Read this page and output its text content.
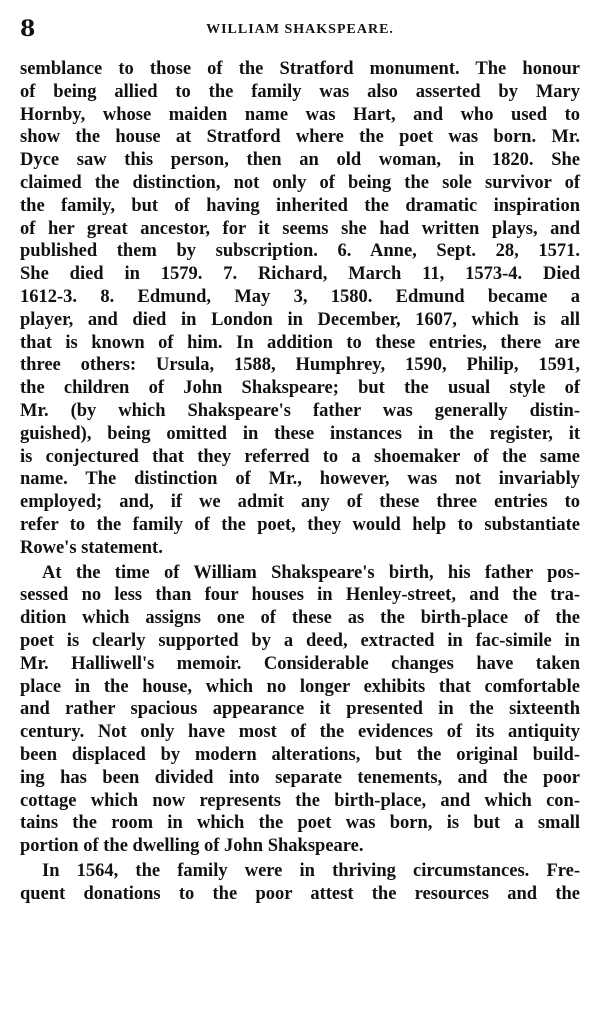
8	WILLIAM SHAKSPEARE.

semblance to those of the Stratford monument. The honour
of being allied to the family was also asserted by Mary
Hornby, whose maiden name was Hart, and who used to
show the house at Stratford where the poet was born. Mr.
Dyce saw this person, then an old woman, in 1820. She
claimed the distinction, not only of being the sole survivor of
the family, but of having inherited the dramatic inspiration
of her great ancestor, for it seems she had written plays, and
published them by subscription. 6. Anne, Sept. 28, 1571.
She died in 1579. 7. Richard, March 11, 1573-4. Died
1612-3. 8. Edmund, May 3, 1580. Edmund became a
player, and died in London in December, 1607, which is all
that is known of him. In addition to these entries, there are
three others: Ursula, 1588, Humphrey, 1590, Philip, 1591,
the children of John Shakspeare; but the usual style of
Mr. (by which Shakspeare's father was generally distin-
guished), being omitted in these instances in the register, it
is conjectured that they referred to a shoemaker of the same
name. The distinction of Mr., however, was not invariably
employed; and, if we admit any of these three entries to
refer to the family of the poet, they would help to substantiate
Rowe's statement.

At the time of William Shakspeare's birth, his father pos-
sessed no less than four houses in Henley-street, and the tra-
dition which assigns one of these as the birth-place of the
poet is clearly supported by a deed, extracted in fac-simile in
Mr. Halliwell's memoir. Considerable changes have taken
place in the house, which no longer exhibits that comfortable
and rather spacious appearance it presented in the sixteenth
century. Not only have most of the evidences of its antiquity
been displaced by modern alterations, but the original build-
ing has been divided into separate tenements, and the poor
cottage which now represents the birth-place, and which con-
tains the room in which the poet was born, is but a small
portion of the dwelling of John Shakspeare.

In 1564, the family were in thriving circumstances. Fre-
quent donations to the poor attest the resources and the
